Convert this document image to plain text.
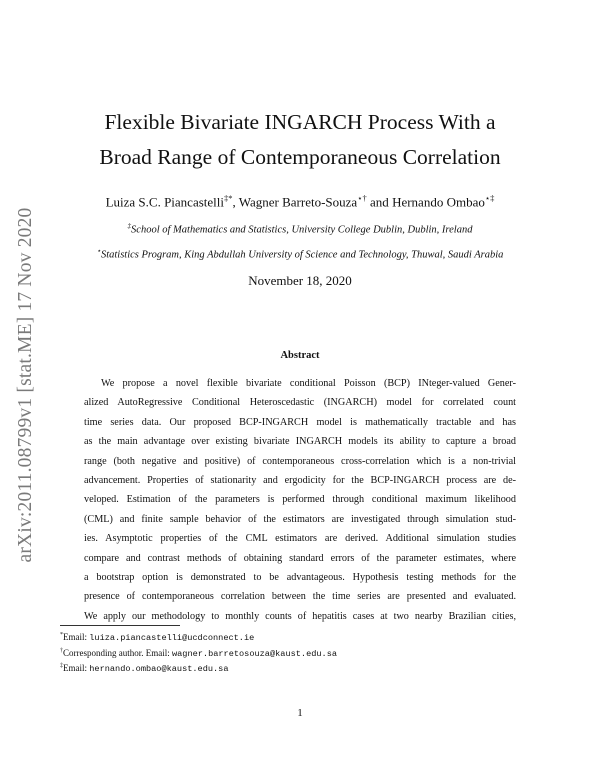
arXiv:2011.08799v1 [stat.ME] 17 Nov 2020
Flexible Bivariate INGARCH Process With a
Broad Range of Contemporaneous Correlation
Luiza S.C. Piancastelli‡*, Wagner Barreto-Souza⋆† and Hernando Ombao⋆‡
‡School of Mathematics and Statistics, University College Dublin, Dublin, Ireland
⋆Statistics Program, King Abdullah University of Science and Technology, Thuwal, Saudi Arabia
November 18, 2020
Abstract
We propose a novel flexible bivariate conditional Poisson (BCP) INteger-valued Gener-
alized AutoRegressive Conditional Heteroscedastic (INGARCH) model for correlated count
time series data. Our proposed BCP-INGARCH model is mathematically tractable and has
as the main advantage over existing bivariate INGARCH models its ability to capture a broad
range (both negative and positive) of contemporaneous cross-correlation which is a non-trivial
advancement. Properties of stationarity and ergodicity for the BCP-INGARCH process are de-
veloped. Estimation of the parameters is performed through conditional maximum likelihood
(CML) and finite sample behavior of the estimators are investigated through simulation stud-
ies. Asymptotic properties of the CML estimators are derived. Additional simulation studies
compare and contrast methods of obtaining standard errors of the parameter estimates, where
a bootstrap option is demonstrated to be advantageous. Hypothesis testing methods for the
presence of contemporaneous correlation between the time series are presented and evaluated.
We apply our methodology to monthly counts of hepatitis cases at two nearby Brazilian cities,
*Email: luiza.piancastelli@ucdconnect.ie
†Corresponding author. Email: wagner.barretosouza@kaust.edu.sa
‡Email: hernando.ombao@kaust.edu.sa
1
